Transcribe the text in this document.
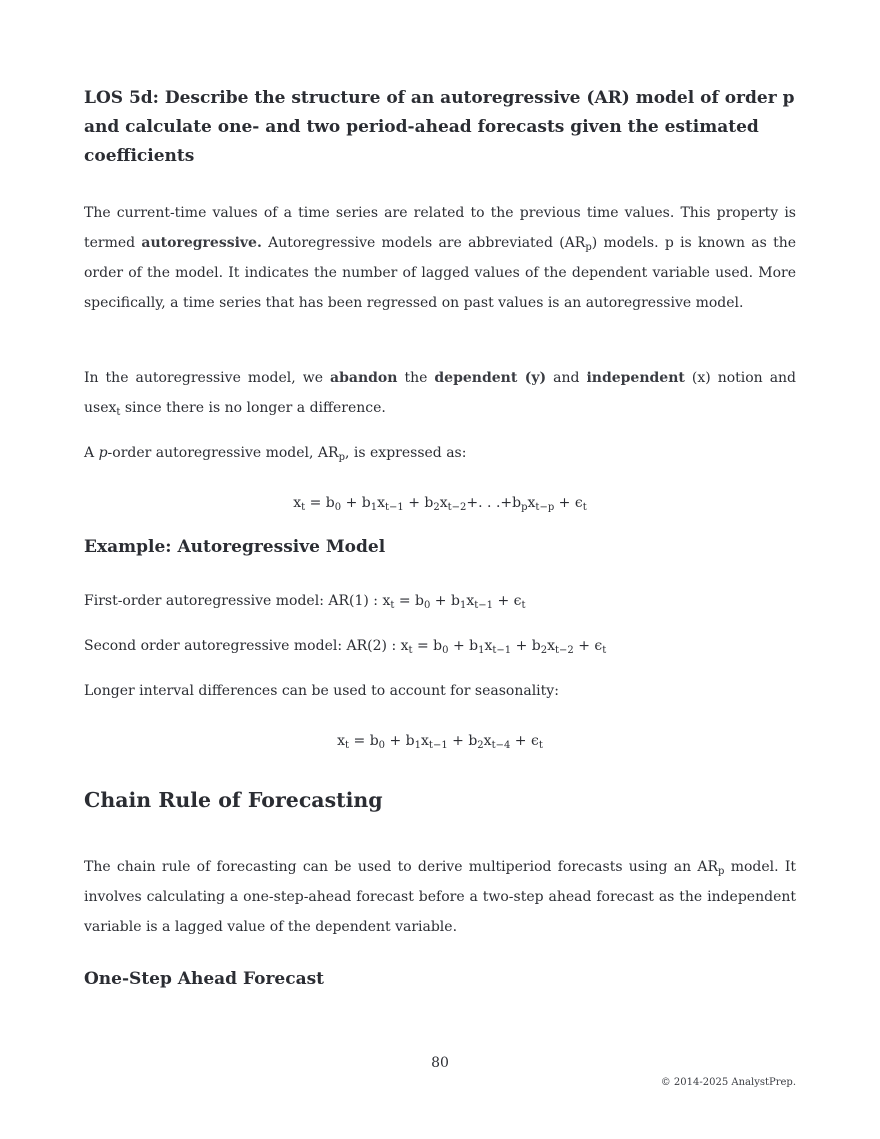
LOS 5d: Describe the structure of an autoregressive (AR) model of order p and calculate one- and two period-ahead forecasts given the estimated coefficients

The current-time values of a time series are related to the previous time values. This property is termed autoregressive. Autoregressive models are abbreviated $(AR_p)$ models. p is known as the order of the model. It indicates the number of lagged values of the dependent variable used. More specifically, a time series that has been regressed on past values is an autoregressive model.

In the autoregressive model, we abandon the dependent (y) and independent (x) notion and usex$_t$ since there is no longer a difference.

A p-order autoregressive model, $AR_p$, is expressed as:

$x_t = b_0 + b_1x_{t-1} + b_2x_{t-2}+$. . $.+b_px_{t-p} + \epsilon_t$
Example: Autoregressive Model
First-order autoregressive model: AR(1) : $x_t = b_0 + b_1x_{t-1} + \epsilon_t$
Second order autoregressive model: AR(2) : $x_t = b_0 + b_1x_{t-1} + b_2x_{t-2} + \epsilon_t$
Longer interval differences can be used to account for seasonality:
$x_t = b_0 + b_1x_{t-1} + b_2x_{t-4} + \epsilon_t$
Chain Rule of Forecasting

The chain rule of forecasting can be used to derive multiperiod forecasts using an $AR_p$ model. It involves calculating a one-step-ahead forecast before a two-step ahead forecast as the independent variable is a lagged value of the dependent variable.

One-Step Ahead Forecast
80
© 2014-2025 AnalystPrep.
